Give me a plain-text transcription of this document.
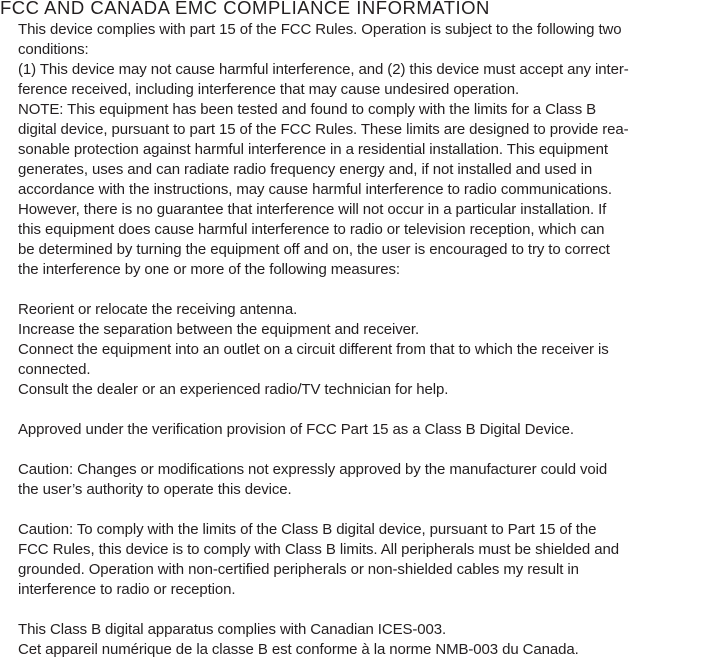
FCC AND CANADA EMC COMPLIANCE INFORMATION
This device complies with part 15 of the FCC Rules. Operation is subject to the following two
conditions:
(1) This device may not cause harmful interference, and (2) this device must accept any inter-
ference received, including interference that may cause undesired operation.
NOTE: This equipment has been tested and found to comply with the limits for a Class B
digital device, pursuant to part 15 of the FCC Rules. These limits are designed to provide rea-
sonable protection against harmful interference in a residential installation. This equipment
generates, uses and can radiate radio frequency energy and, if not installed and used in
accordance with the instructions, may cause harmful interference to radio communications.
However, there is no guarantee that interference will not occur in a particular installation. If
this equipment does cause harmful interference to radio or television reception, which can
be determined by turning the equipment off and on, the user is encouraged to try to correct
the interference by one or more of the following measures:
Reorient or relocate the receiving antenna.
Increase the separation between the equipment and receiver.
Connect the equipment into an outlet on a circuit different from that to which the receiver is
connected.
Consult the dealer or an experienced radio/TV technician for help.
Approved under the verification provision of FCC Part 15 as a Class B Digital Device.
Caution: Changes or modifications not expressly approved by the manufacturer could void
the user’s authority to operate this device.
Caution: To comply with the limits of the Class B digital device, pursuant to Part 15 of the
FCC Rules, this device is to comply with Class B limits. All peripherals must be shielded and
grounded. Operation with non-certified peripherals or non-shielded cables my result in
interference to radio or reception.
This Class B digital apparatus complies with Canadian ICES-003.
Cet appareil numérique de la classe B est conforme à la norme NMB-003 du Canada.
